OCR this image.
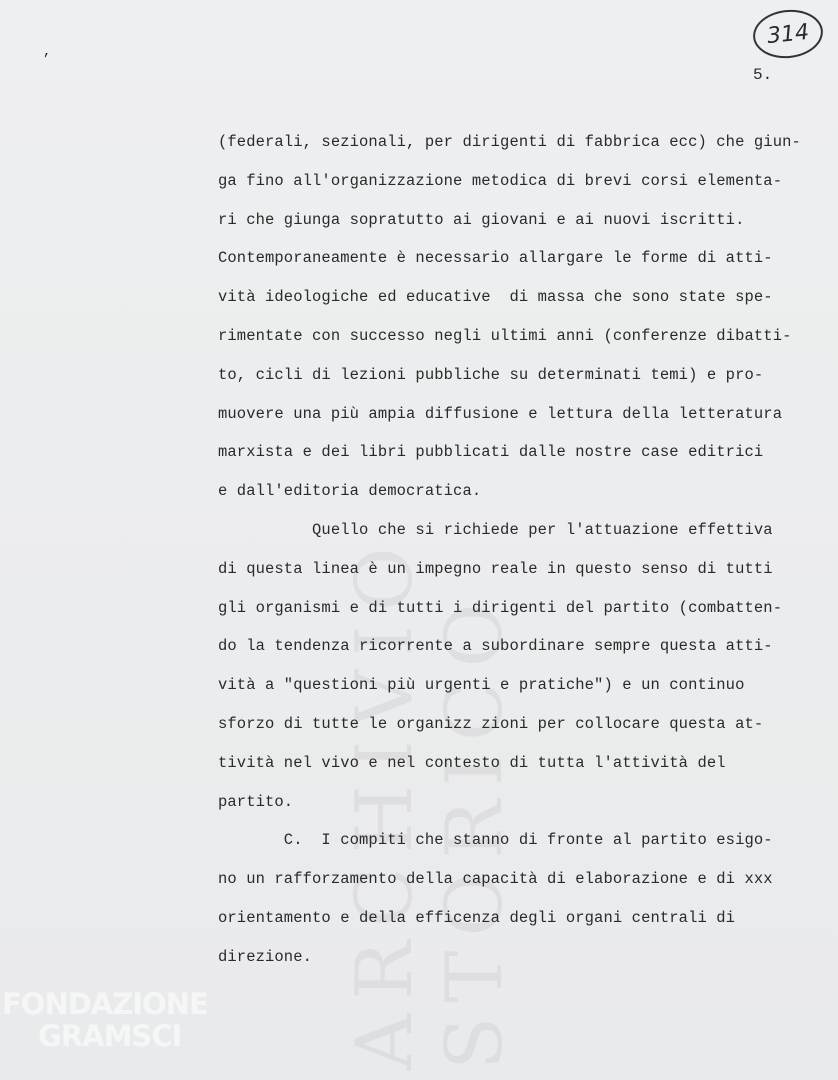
ARCHIVIO STORICO
’
314
5.
(federali, sezionali, per dirigenti di fabbrica ecc) che giun-
ga fino all'organizzazione metodica di brevi corsi elementa-
ri che giunga sopratutto ai giovani e ai nuovi iscritti.
Contemporaneamente è necessario allargare le forme di atti-
vità ideologiche ed educative  di massa che sono state spe-
rimentate con successo negli ultimi anni (conferenze dibatti-
to, cicli di lezioni pubbliche su determinati temi) e pro-
muovere una più ampia diffusione e lettura della letteratura
marxista e dei libri pubblicati dalle nostre case editrici
e dall'editoria democratica.
Quello che si richiede per l'attuazione effettiva
di questa linea è un impegno reale in questo senso di tutti
gli organismi e di tutti i dirigenti del partito (combatten-
do la tendenza ricorrente a subordinare sempre questa atti-
vità a "questioni più urgenti e pratiche") e un continuo
sforzo di tutte le organizz zioni per collocare questa at-
tività nel vivo e nel contesto di tutta l'attività del
partito.
C.  I compiti che stanno di fronte al partito esigo-
no un rafforzamento della capacità di elaborazione e di xxx
orientamento e della efficenza degli organi centrali di
direzione.
FONDAZIONE
GRAMSCI
